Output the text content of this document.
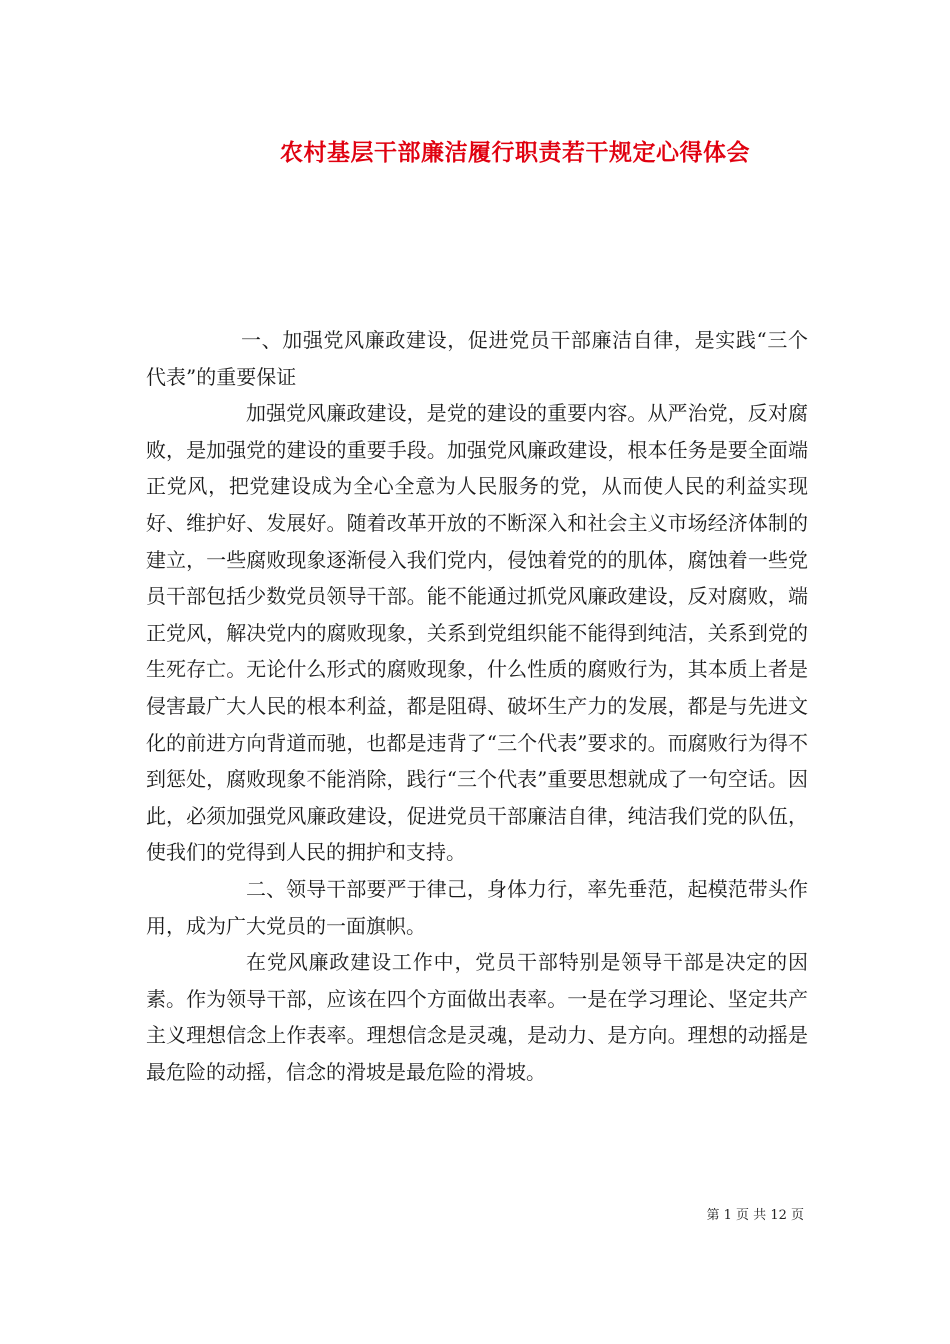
农村基层干部廉洁履行职责若干规定心得体会

一、加强党风廉政建设，促进党员干部廉洁自律，是实践“三个代表”的重要保证

加强党风廉政建设，是党的建设的重要内容。从严治党，反对腐败，是加强党的建设的重要手段。加强党风廉政建设，根本任务是要全面端正党风，把党建设成为全心全意为人民服务的党，从而使人民的利益实现好、维护好、发展好。随着改革开放的不断深入和社会主义市场经济体制的建立，一些腐败现象逐渐侵入我们党内，侵蚀着党的的肌体，腐蚀着一些党员干部包括少数党员领导干部。能不能通过抓党风廉政建设，反对腐败，端正党风，解决党内的腐败现象，关系到党组织能不能得到纯洁，关系到党的生死存亡。无论什么形式的腐败现象，什么性质的腐败行为，其本质上者是侵害最广大人民的根本利益，都是阻碍、破坏生产力的发展，都是与先进文化的前进方向背道而驰，也都是违背了“三个代表”要求的。而腐败行为得不到惩处，腐败现象不能消除，践行“三个代表”重要思想就成了一句空话。因此，必须加强党风廉政建设，促进党员干部廉洁自律，纯洁我们党的队伍，使我们的党得到人民的拥护和支持。

二、领导干部要严于律己，身体力行，率先垂范，起模范带头作用，成为广大党员的一面旗帜。

在党风廉政建设工作中，党员干部特别是领导干部是决定的因素。作为领导干部，应该在四个方面做出表率。一是在学习理论、坚定共产主义理想信念上作表率。理想信念是灵魂，是动力、是方向。理想的动摇是最危险的动摇，信念的滑坡是最危险的滑坡。

第 1 页 共 12 页
